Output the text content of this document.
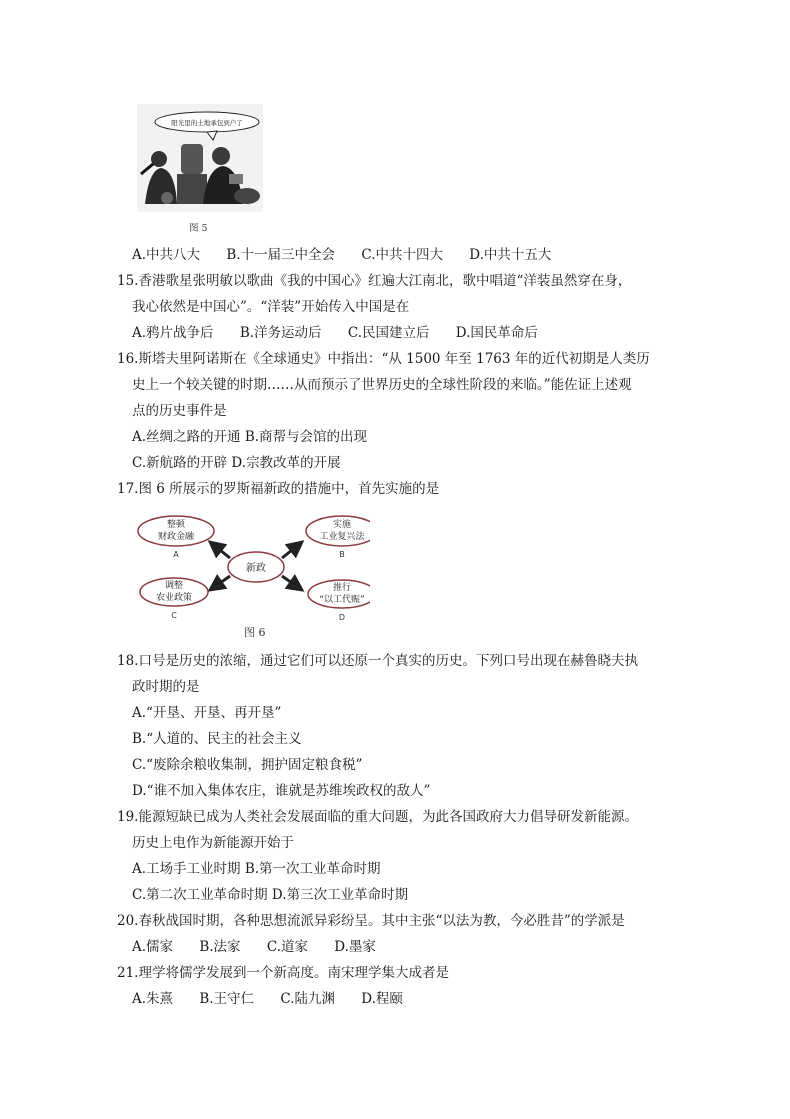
阳光里的土地承包到户了
图 5
A.中共八大 B.十一届三中全会 C.中共十四大 D.中共十五大
15.香港歌星张明敏以歌曲《我的中国心》红遍大江南北，歌中唱道“洋装虽然穿在身，
我心依然是中国心”。“洋装”开始传入中国是在
A.鸦片战争后 B.洋务运动后 C.民国建立后 D.国民革命后
16.斯塔夫里阿诺斯在《全球通史》中指出：“从 1500 年至 1763 年的近代初期是人类历
史上一个较关键的时期……从而预示了世界历史的全球性阶段的来临。”能佐证上述观
点的历史事件是
A.丝绸之路的开通 B.商帮与会馆的出现
C.新航路的开辟 D.宗教改革的开展
17.图 6 所展示的罗斯福新政的措施中，首先实施的是
新政
整顿
财政金融
A
实施
工业复兴法
B
调整
农业政策
C
推行
“以工代赈”
D
图 6
18.口号是历史的浓缩，通过它们可以还原一个真实的历史。下列口号出现在赫鲁晓夫执
政时期的是
A.“开垦、开垦、再开垦”
B.“人道的、民主的社会主义
C.“废除余粮收集制，拥护固定粮食税”
D.“谁不加入集体农庄，谁就是苏维埃政权的敌人”
19.能源短缺已成为人类社会发展面临的重大问题，为此各国政府大力倡导研发新能源。
历史上电作为新能源开始于
A.工场手工业时期 B.第一次工业革命时期
C.第二次工业革命时期 D.第三次工业革命时期
20.春秋战国时期，各种思想流派异彩纷呈。其中主张“以法为教，今必胜昔”的学派是
A.儒家 B.法家 C.道家 D.墨家
21.理学将儒学发展到一个新高度。南宋理学集大成者是
A.朱熹 B.王守仁 C.陆九渊 D.程颐
